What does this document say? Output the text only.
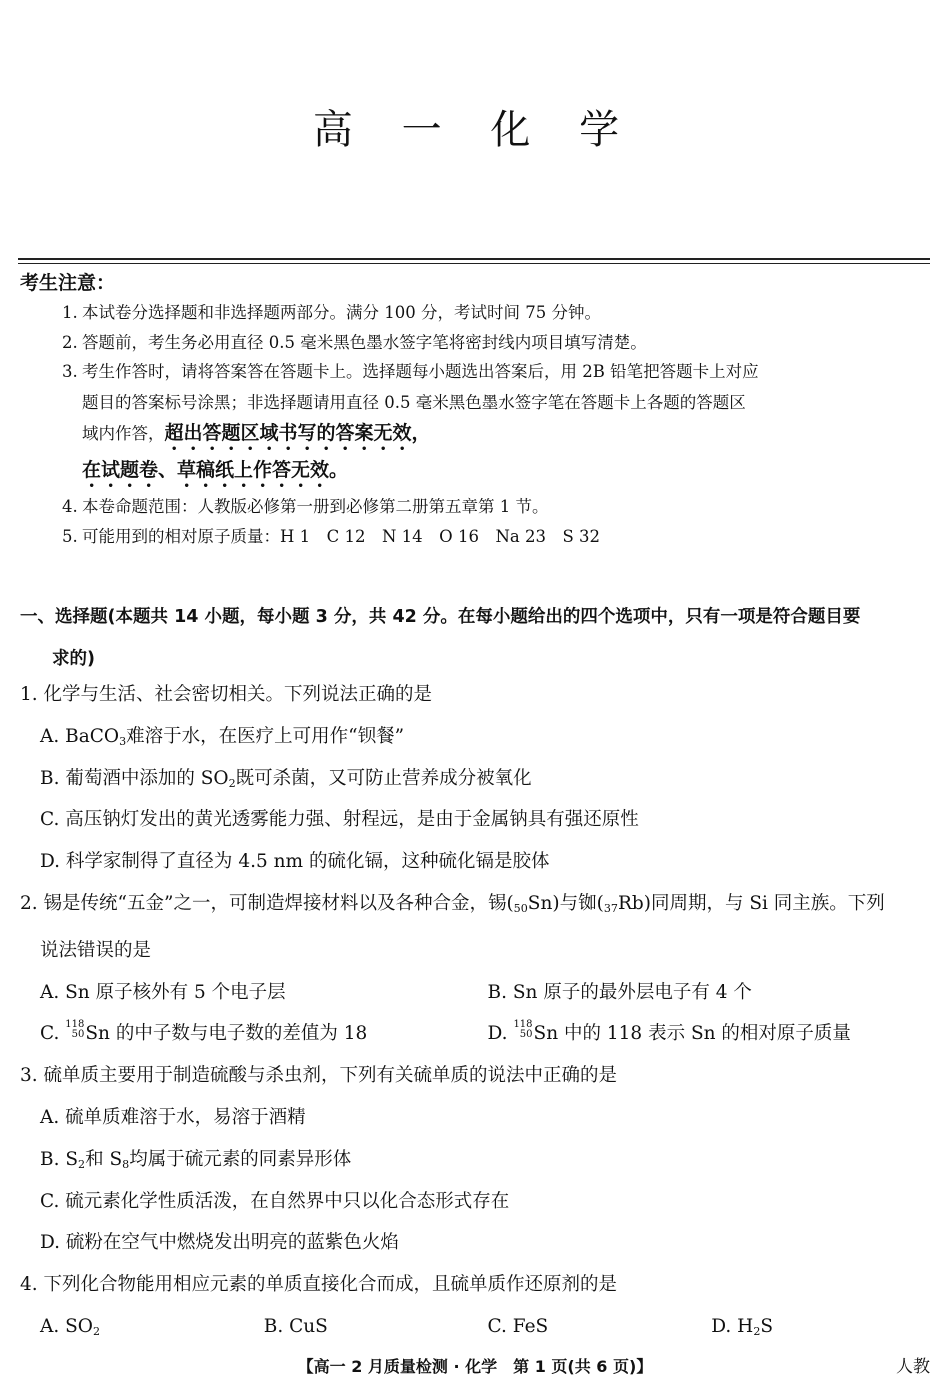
高 一 化 学
考生注意：
1. 本试卷分选择题和非选择题两部分。满分 100 分，考试时间 75 分钟。
2. 答题前，考生务必用直径 0.5 毫米黑色墨水签字笔将密封线内项目填写清楚。
3. 考生作答时，请将答案答在答题卡上。选择题每小题选出答案后，用 2B 铅笔把答题卡上对应题目的答案标号涂黑；非选择题请用直径 0.5 毫米黑色墨水签字笔在答题卡上各题的答题区域内作答，超出答题区域书写的答案无效，
在试题卷、草稿纸上作答无效。
4. 本卷命题范围：人教版必修第一册到必修第二册第五章第 1 节。
5. 可能用到的相对原子质量：H 1　C 12　N 14　O 16　Na 23　S 32
一、选择题(本题共 14 小题，每小题 3 分，共 42 分。在每小题给出的四个选项中，只有一项是符合题目要
求的)
1. 化学与生活、社会密切相关。下列说法正确的是
A. BaCO$_3$难溶于水，在医疗上可用作“钡餐”
B. 葡萄酒中添加的 $SO_2$既可杀菌，又可防止营养成分被氧化
C. 高压钠灯发出的黄光透雾能力强、射程远，是由于金属钠具有强还原性
D. 科学家制得了直径为 4.5 nm 的硫化镉，这种硫化镉是胶体
2. 锡是传统“五金”之一，可制造焊接材料以及各种合金，锡(50Sn)与铷(37Rb)同周期，与 Si 同主族。下列
说法错误的是
A. Sn 原子核外有 5 个电子层	B. Sn 原子的最外层电子有 4 个
C. 118
50 Sn 的中子数与电子数的差值为 18	D. 118
50 Sn 中的 118 表示 Sn 的相对原子质量
3. 硫单质主要用于制造硫酸与杀虫剂，下列有关硫单质的说法中正确的是
A. 硫单质难溶于水，易溶于酒精
B. $S_2$和 $S_8$均属于硫元素的同素异形体
C. 硫元素化学性质活泼，在自然界中只以化合态形式存在
D. 硫粉在空气中燃烧发出明亮的蓝紫色火焰
4. 下列化合物能用相应元素的单质直接化合而成，且硫单质作还原剂的是
A. $SO_2$	B. CuS	C. FeS	D. $H_2S$
【高一 2 月质量检测 · 化学　第 1 页(共 6 页)】	人教
